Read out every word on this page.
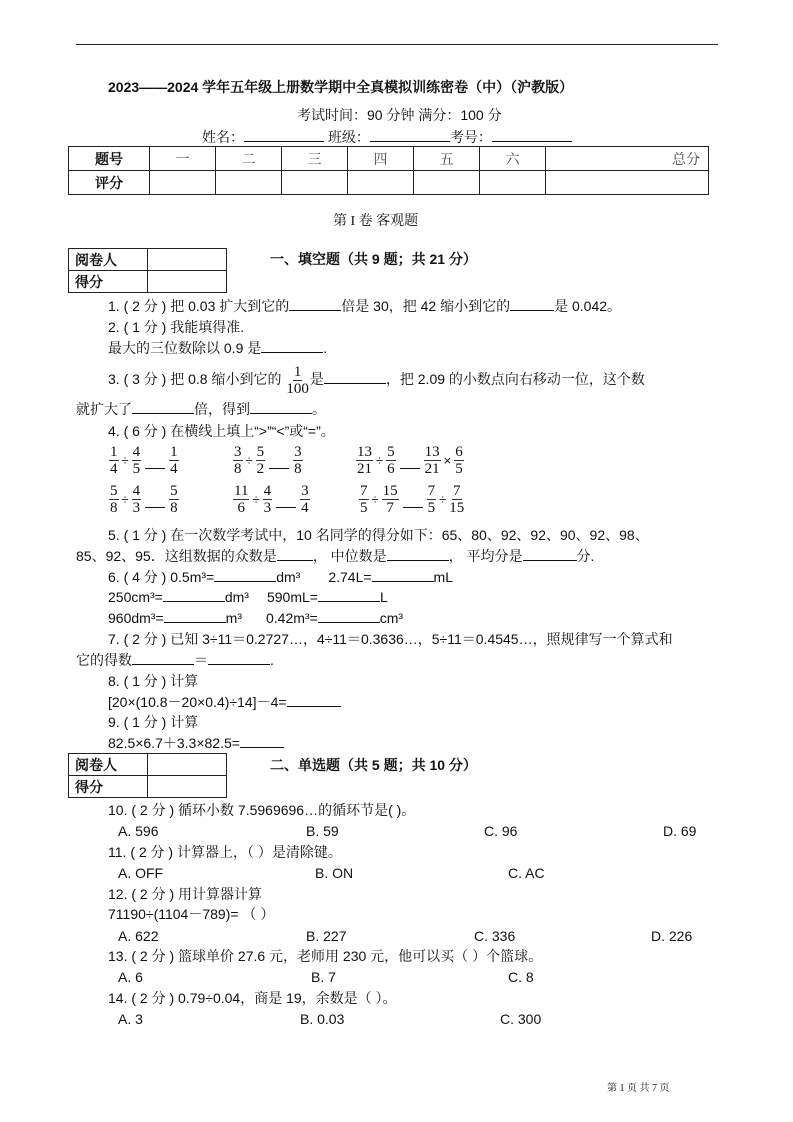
2023——2024 学年五年级上册数学期中全真模拟训练密卷（中）（沪教版）
考试时间：90 分钟 满分：100 分
姓名：	班级：	考号：
题号	一	二	三	四	五	六	总分
评分							
第 I 卷 客观题
阅卷人	
得分	
一、填空题（共 9 题；共 21 分）
1. ( 2 分 ) 把 0.03 扩大到它的	倍是 30，把 42 缩小到它的	是 0.042。
2. ( 1 分 ) 我能填得准.
最大的三位数除以 0.9 是	.
3. ( 3 分 ) 把 0.8 缩小到它的 $\frac{1}{100}$ 是	，把 2.09 的小数点向右移动一位，这个数
就扩大了	倍，得到	。
4. ( 6 分 ) 在横线上填上“>”“<”或“=”。
$\frac{1}{4} \div \frac{4}{5} \frac{1}{4}$	$\frac{3}{8} \div \frac{5}{2} \frac{3}{8}$	$\frac{13}{21} \div \frac{5}{6} \frac{13}{21} \times \frac{6}{5}$
$\frac{5}{8} \div \frac{4}{3} \frac{5}{8}$	$\frac{11}{6} \div \frac{4}{3} \frac{3}{4}$	$\frac{7}{5} \div \frac{15}{7} \frac{7}{5} \div \frac{7}{15}$
5. ( 1 分 ) 在一次数学考试中，10 名同学的得分如下：65、80、92、92、90、92、98、
85、92、95．这组数据的众数是	， 中位数是	， 平均分是	分.
6. ( 4 分 ) 0.5m³=	dm³ 2.74L=	mL
250cm³=	dm³ 590mL=	L
960dm³=	m³ 0.42m³=	cm³
7. ( 2 分 ) 已知 3÷11＝0.2727…，4÷11＝0.3636…，5÷11＝0.4545…，照规律写一个算式和
它的得数	＝	.
8. ( 1 分 ) 计算
[20×(10.8－20×0.4)÷14]－4=
9. ( 1 分 ) 计算
82.5×6.7＋3.3×82.5=
阅卷人	
得分	
二、单选题（共 5 题；共 10 分）
10. ( 2 分 ) 循环小数 7.5969696…的循环节是( )。
A. 596	B. 59	C. 96	D. 69
11. ( 2 分 ) 计算器上，（ ）是清除键。
A. OFF	B. ON	C. AC
12. ( 2 分 ) 用计算器计算
71190÷(1104－789)= （ ）
A. 622	B. 227	C. 336	D. 226
13. ( 2 分 ) 篮球单价 27.6 元，老师用 230 元，他可以买（ ）个篮球。
A. 6	B. 7	C. 8
14. ( 2 分 ) 0.79÷0.04，商是 19，余数是（ ）。
A. 3	B. 0.03	C. 300
第 1 页 共 7 页
